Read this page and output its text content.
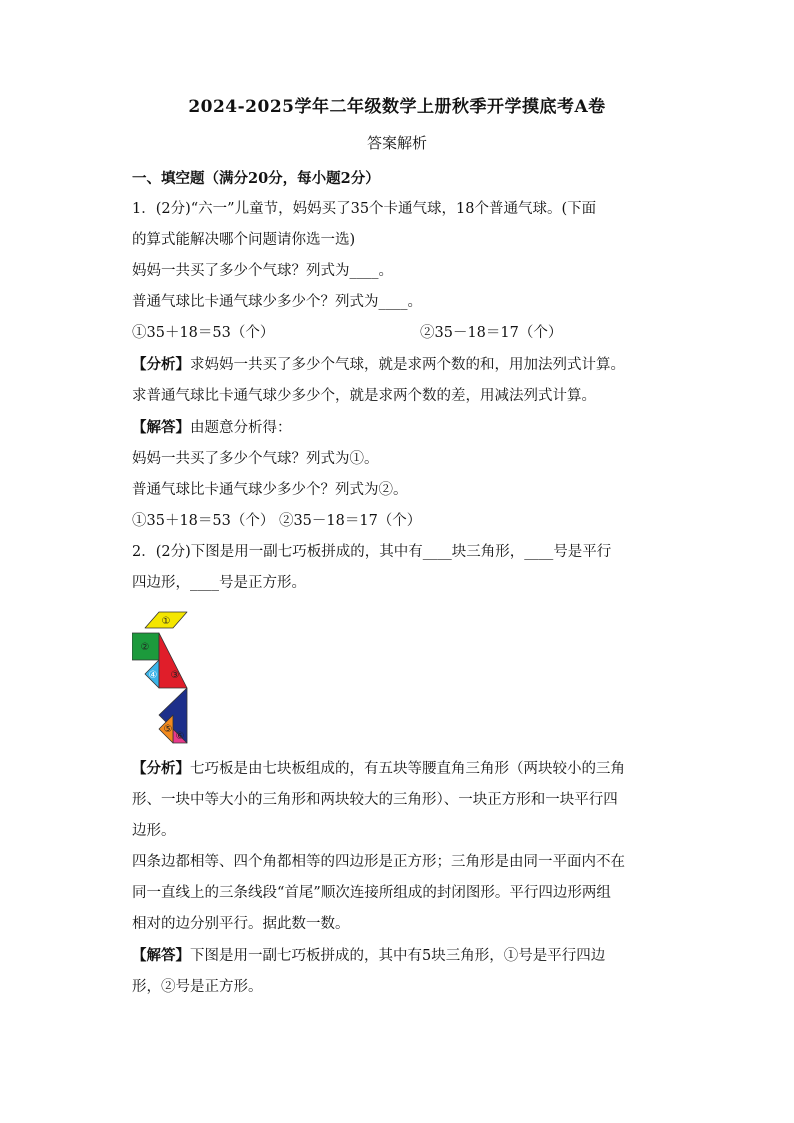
2024-2025学年二年级数学上册秋季开学摸底考A卷
答案解析

一、填空题（满分20分，每小题2分）

1．(2分)“六一”儿童节，妈妈买了35个卡通气球，18个普通气球。(下面

的算式能解决哪个问题请你选一选)

妈妈一共买了多少个气球？列式为____。

普通气球比卡通气球少多少个？列式为____。

①35＋18＝53（个）	②35－18＝17（个）

【分析】求妈妈一共买了多少个气球，就是求两个数的和，用加法列式计算。

求普通气球比卡通气球少多少个，就是求两个数的差，用减法列式计算。

【解答】由题意分析得：

妈妈一共买了多少个气球？列式为①。

普通气球比卡通气球少多少个？列式为②。

①35＋18＝53（个） ②35－18＝17（个）

2．(2分)下图是用一副七巧板拼成的，其中有____块三角形，____号是平行

四边形，____号是正方形。

①
②
④ ③
⑦
⑥
⑤

【分析】七巧板是由七块板组成的，有五块等腰直角三角形（两块较小的三角

形、一块中等大小的三角形和两块较大的三角形）、一块正方形和一块平行四

边形。

四条边都相等、四个角都相等的四边形是正方形；三角形是由同一平面内不在

同一直线上的三条线段“首尾”顺次连接所组成的封闭图形。平行四边形两组

相对的边分别平行。据此数一数。

【解答】下图是用一副七巧板拼成的，其中有5块三角形，①号是平行四边

形，②号是正方形。
